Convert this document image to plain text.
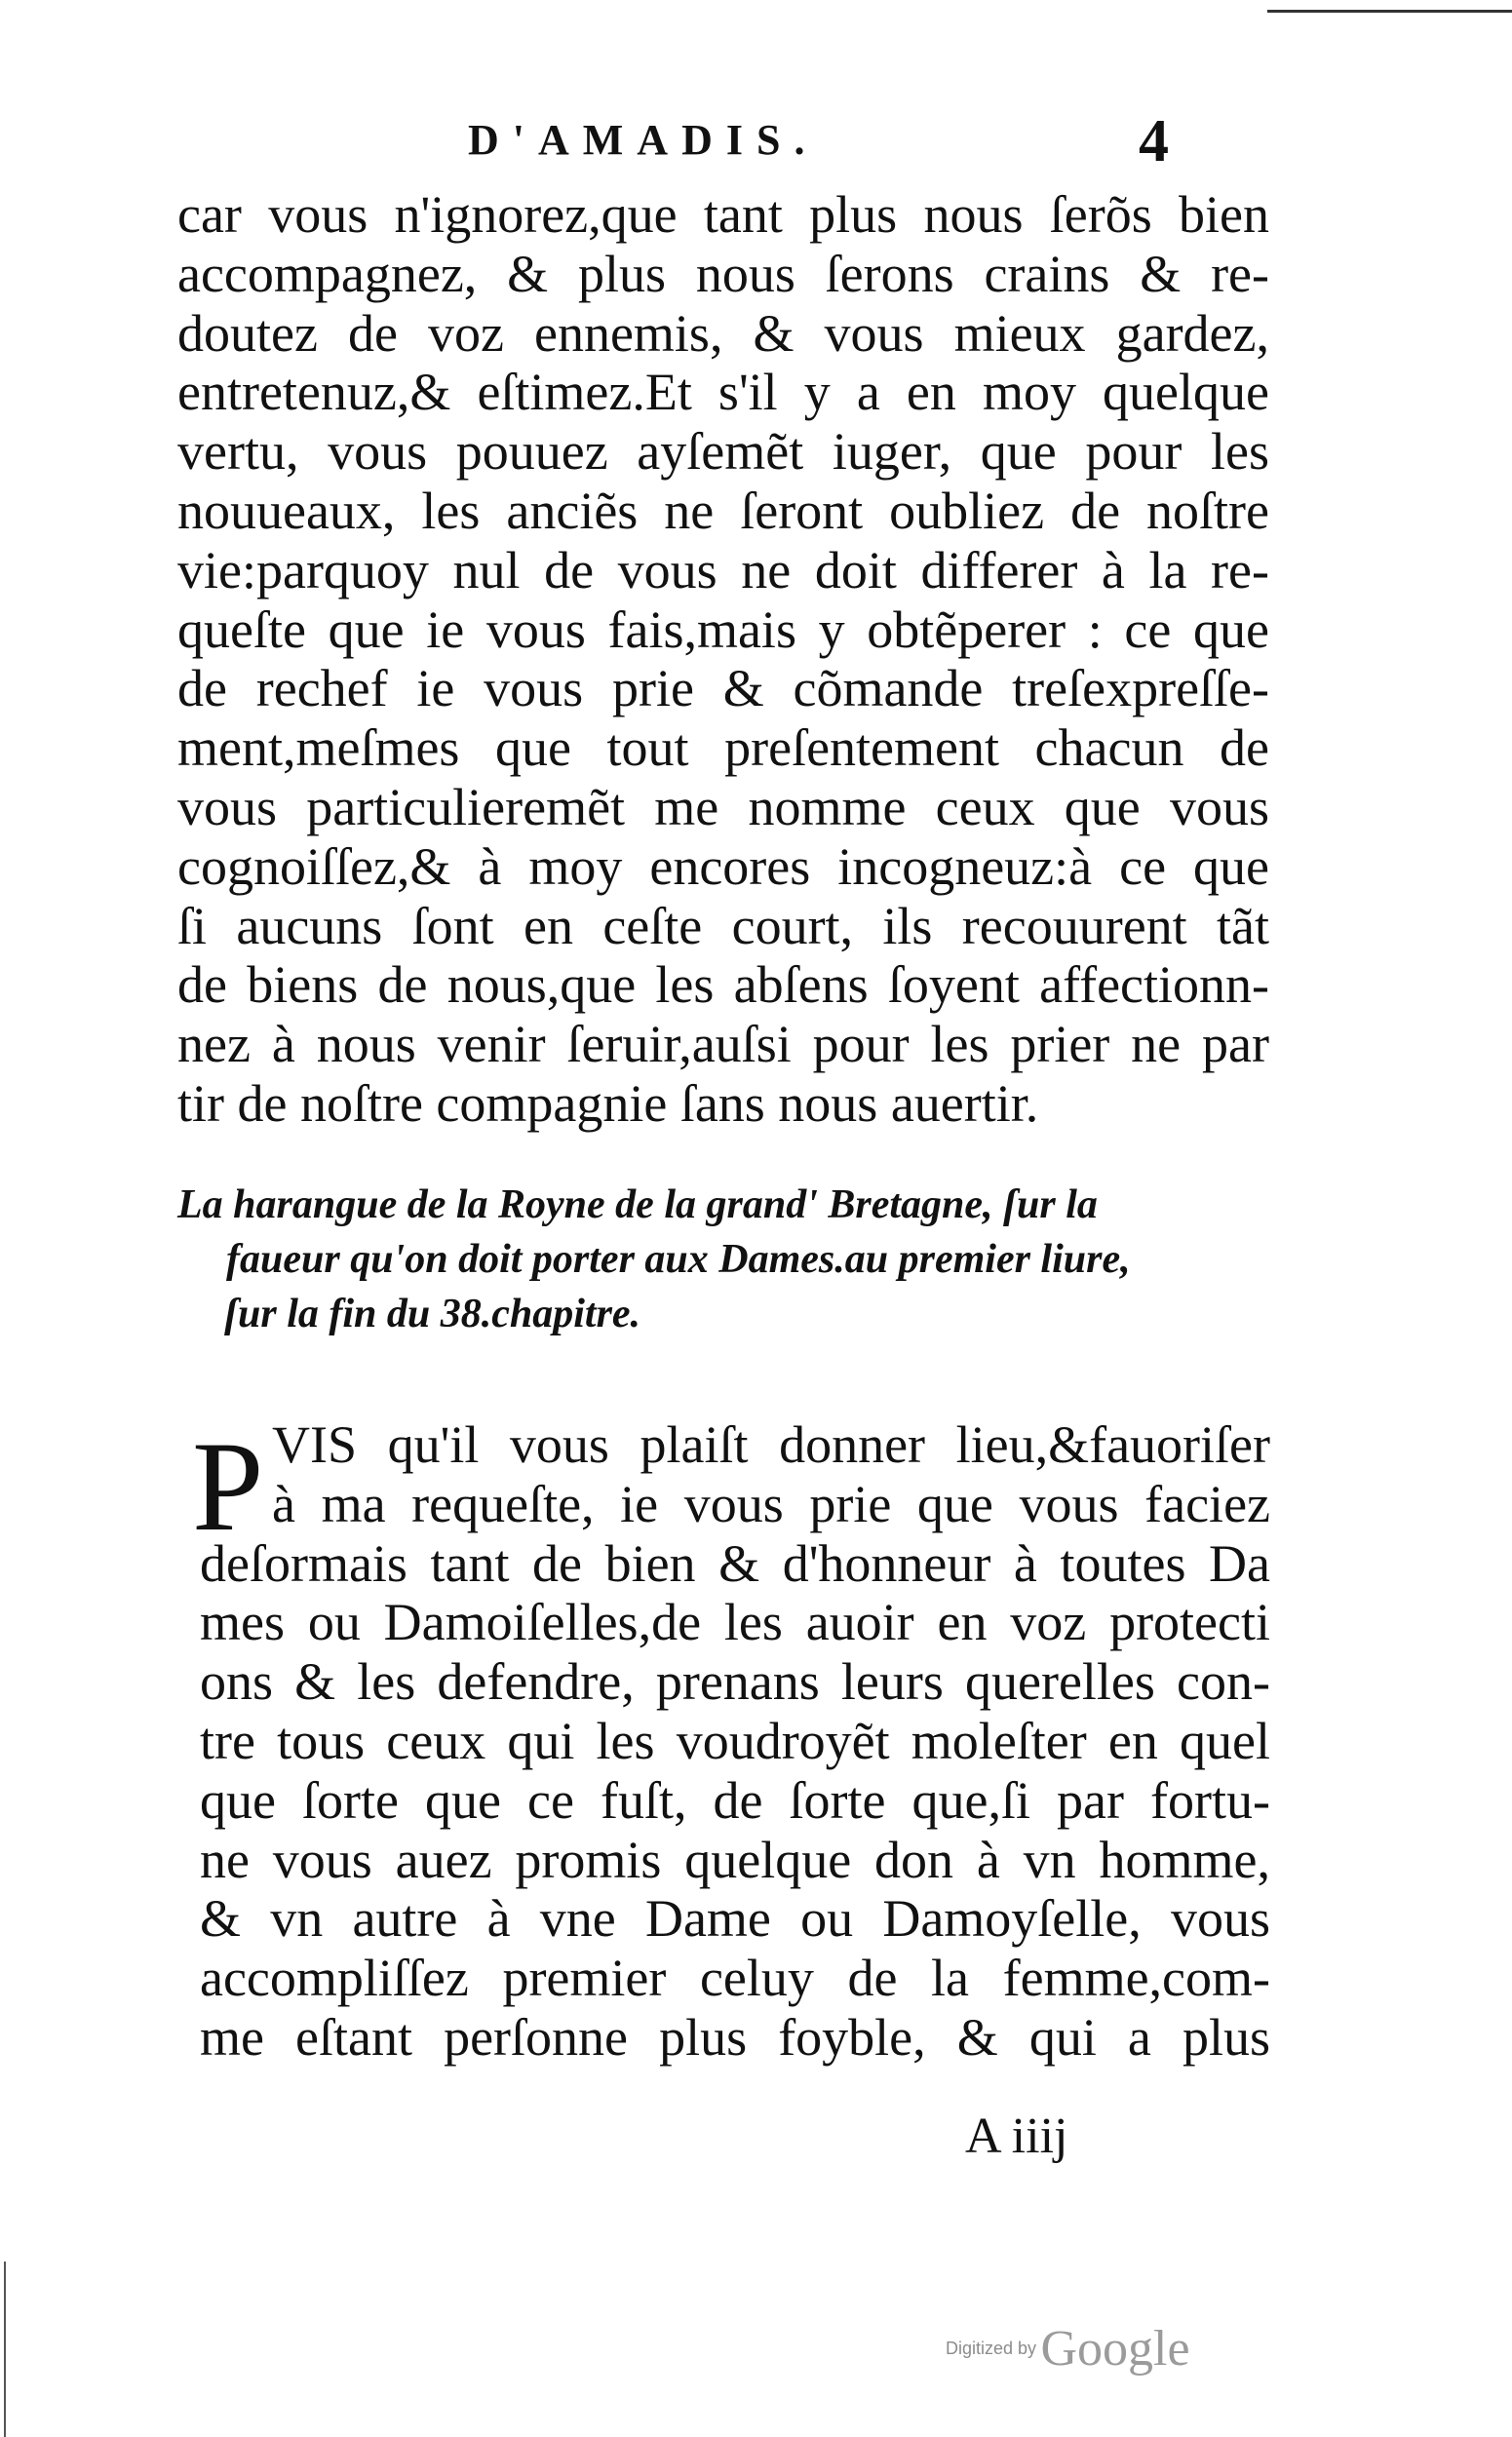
D'AMADIS.	4
car vous n'ignorez,que tant plus nous ſerõs bien
accompagnez, & plus nous ſerons crains & re-
doutez de voz ennemis, & vous mieux gardez,
entretenuz,& eſtimez.Et s'il y a en moy quelque
vertu, vous pouuez ayſemẽt iuger, que pour les
nouueaux, les anciẽs ne ſeront oubliez de noſtre
vie:parquoy nul de vous ne doit differer à la re-
queſte que ie vous fais,mais y obtẽperer : ce que
de rechef ie vous prie & cõmande treſexpreſſe-
ment,meſmes que tout preſentement chacun de
vous particulieremẽt me nomme ceux que vous
cognoiſſez,& à moy encores incogneuz:à ce que
ſi aucuns ſont en ceſte court, ils recouurent tãt
de biens de nous,que les abſens ſoyent affectionn-
nez à nous venir ſeruir,auſsi pour les prier ne par
tir de noſtre compagnie ſans nous auertir.
La harangue de la Royne de la grand' Bretagne, ſur la
faueur qu'on doit porter aux Dames.au premier liure,
ſur la fin du 38.chapitre.
P VIS qu'il vous plaiſt donner lieu,&fauoriſer
à ma requeſte, ie vous prie que vous faciez
deſormais tant de bien & d'honneur à toutes Da
mes ou Damoiſelles,de les auoir en voz protecti
ons & les defendre, prenans leurs querelles con-
tre tous ceux qui les voudroyẽt moleſter en quel
que ſorte que ce fuſt, de ſorte que,ſi par fortu-
ne vous auez promis quelque don à vn homme,
& vn autre à vne Dame ou Damoyſelle, vous
accompliſſez premier celuy de la femme,com-
me eſtant perſonne plus foyble, & qui a plus
A iiij
Digitized by Google
